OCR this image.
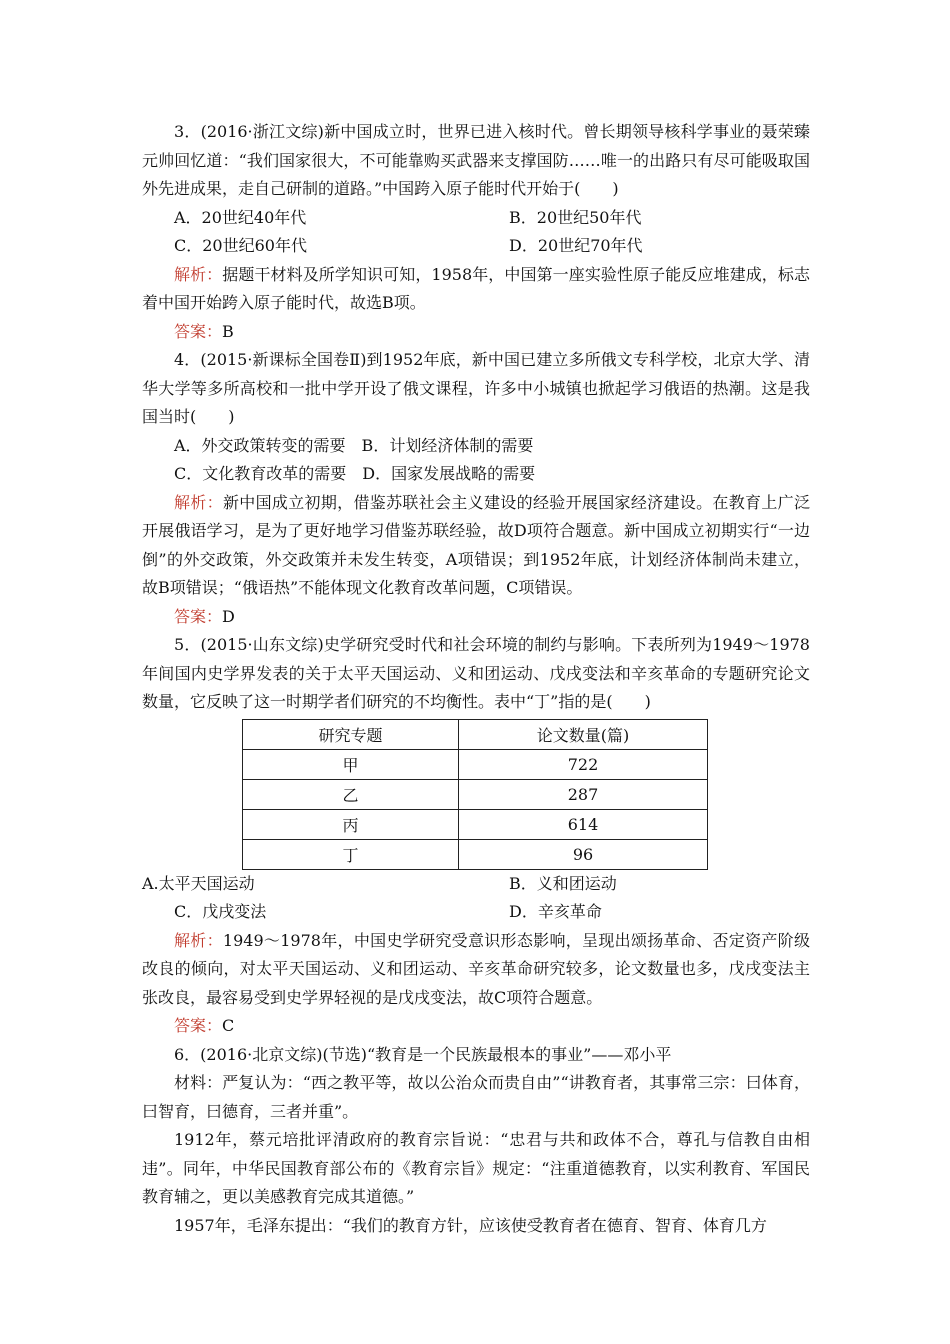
3．(2016·浙江文综)新中国成立时，世界已进入核时代。曾长期领导核科学事业的聂荣臻元帅回忆道：“我们国家很大，不可能靠购买武器来支撑国防……唯一的出路只有尽可能吸取国外先进成果，走自己研制的道路。”中国跨入原子能时代开始于(　　)

A．20世纪40年代	B．20世纪50年代
C．20世纪60年代	D．20世纪70年代

解析：据题干材料及所学知识可知，1958年，中国第一座实验性原子能反应堆建成，标志着中国开始跨入原子能时代，故选B项。

答案：B

4．(2015·新课标全国卷Ⅱ)到1952年底，新中国已建立多所俄文专科学校，北京大学、清华大学等多所高校和一批中学开设了俄文课程，许多中小城镇也掀起学习俄语的热潮。这是我国当时(　　)

A．外交政策转变的需要　B．计划经济体制的需要
C．文化教育改革的需要　D．国家发展战略的需要

解析：新中国成立初期，借鉴苏联社会主义建设的经验开展国家经济建设。在教育上广泛开展俄语学习，是为了更好地学习借鉴苏联经验，故D项符合题意。新中国成立初期实行“一边倒”的外交政策，外交政策并未发生转变，A项错误；到1952年底，计划经济体制尚未建立，故B项错误；“俄语热”不能体现文化教育改革问题，C项错误。

答案：D

5．(2015·山东文综)史学研究受时代和社会环境的制约与影响。下表所列为1949～1978年间国内史学界发表的关于太平天国运动、义和团运动、戊戌变法和辛亥革命的专题研究论文数量，它反映了这一时期学者们研究的不均衡性。表中“丁”指的是(　　)

研究专题	论文数量(篇)
甲	722
乙	287
丙	614
丁	96
A.太平天国运动	B．义和团运动
C．戊戌变法	D．辛亥革命

解析：1949～1978年，中国史学研究受意识形态影响，呈现出颂扬革命、否定资产阶级改良的倾向，对太平天国运动、义和团运动、辛亥革命研究较多，论文数量也多，戊戌变法主张改良，最容易受到史学界轻视的是戊戌变法，故C项符合题意。

答案：C

6．(2016·北京文综)(节选)“教育是一个民族最根本的事业”——邓小平

材料：严复认为：“西之教平等，故以公治众而贵自由”“讲教育者，其事常三宗：曰体育，曰智育，曰德育，三者并重”。

1912年，蔡元培批评清政府的教育宗旨说：“忠君与共和政体不合，尊孔与信教自由相违”。同年，中华民国教育部公布的《教育宗旨》规定：“注重道德教育，以实利教育、军国民教育辅之，更以美感教育完成其道德。”

1957年，毛泽东提出：“我们的教育方针，应该使受教育者在德育、智育、体育几方
